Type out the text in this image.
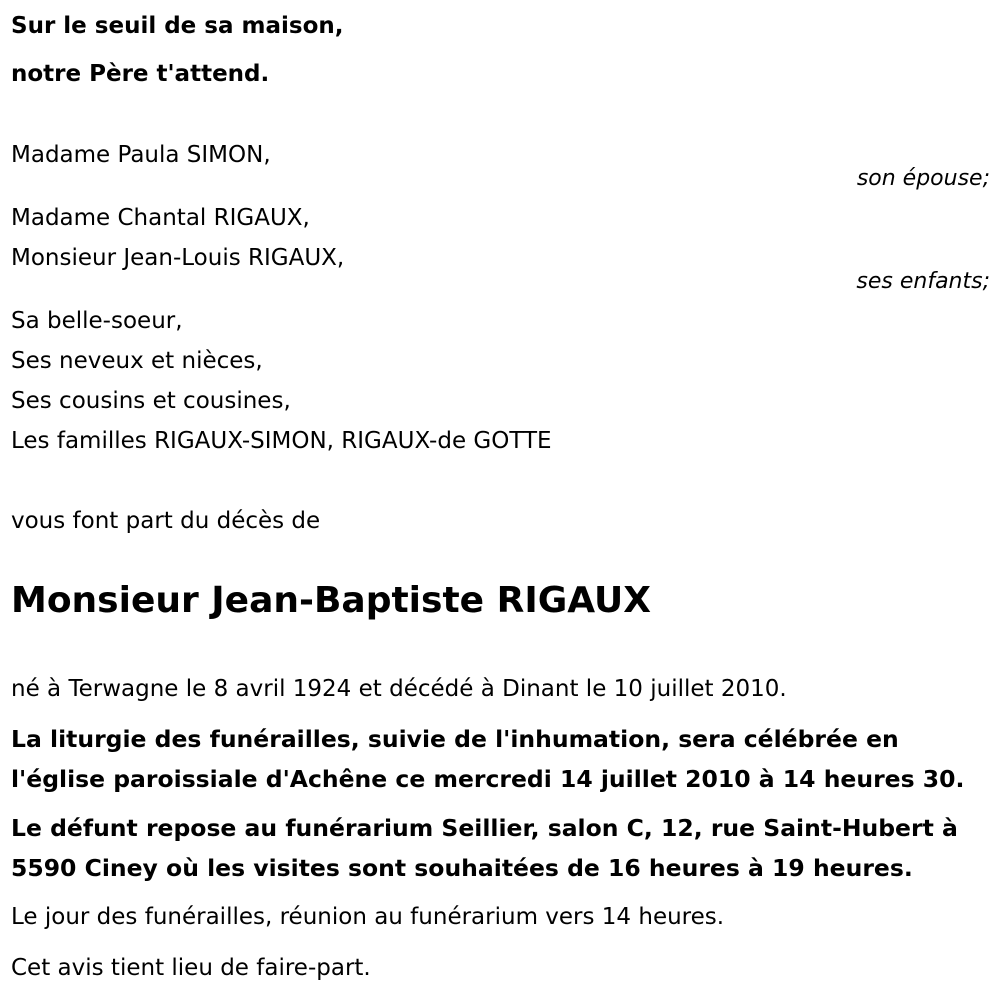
Sur le seuil de sa maison,
notre Père t'attend.
Madame Paula SIMON,
son épouse;
Madame Chantal RIGAUX,
Monsieur Jean-Louis RIGAUX,
ses enfants;
Sa belle-soeur,
Ses neveux et nièces,
Ses cousins et cousines,
Les familles RIGAUX-SIMON, RIGAUX-de GOTTE
vous font part du décès de
Monsieur Jean-Baptiste RIGAUX
né à Terwagne le 8 avril 1924 et décédé à Dinant le 10 juillet 2010.
La liturgie des funérailles, suivie de l'inhumation, sera célébrée en
l'église paroissiale d'Achêne ce mercredi 14 juillet 2010 à 14 heures 30.
Le défunt repose au funérarium Seillier, salon C, 12, rue Saint-Hubert à
5590 Ciney où les visites sont souhaitées de 16 heures à 19 heures.
Le jour des funérailles, réunion au funérarium vers 14 heures.
Cet avis tient lieu de faire-part.
